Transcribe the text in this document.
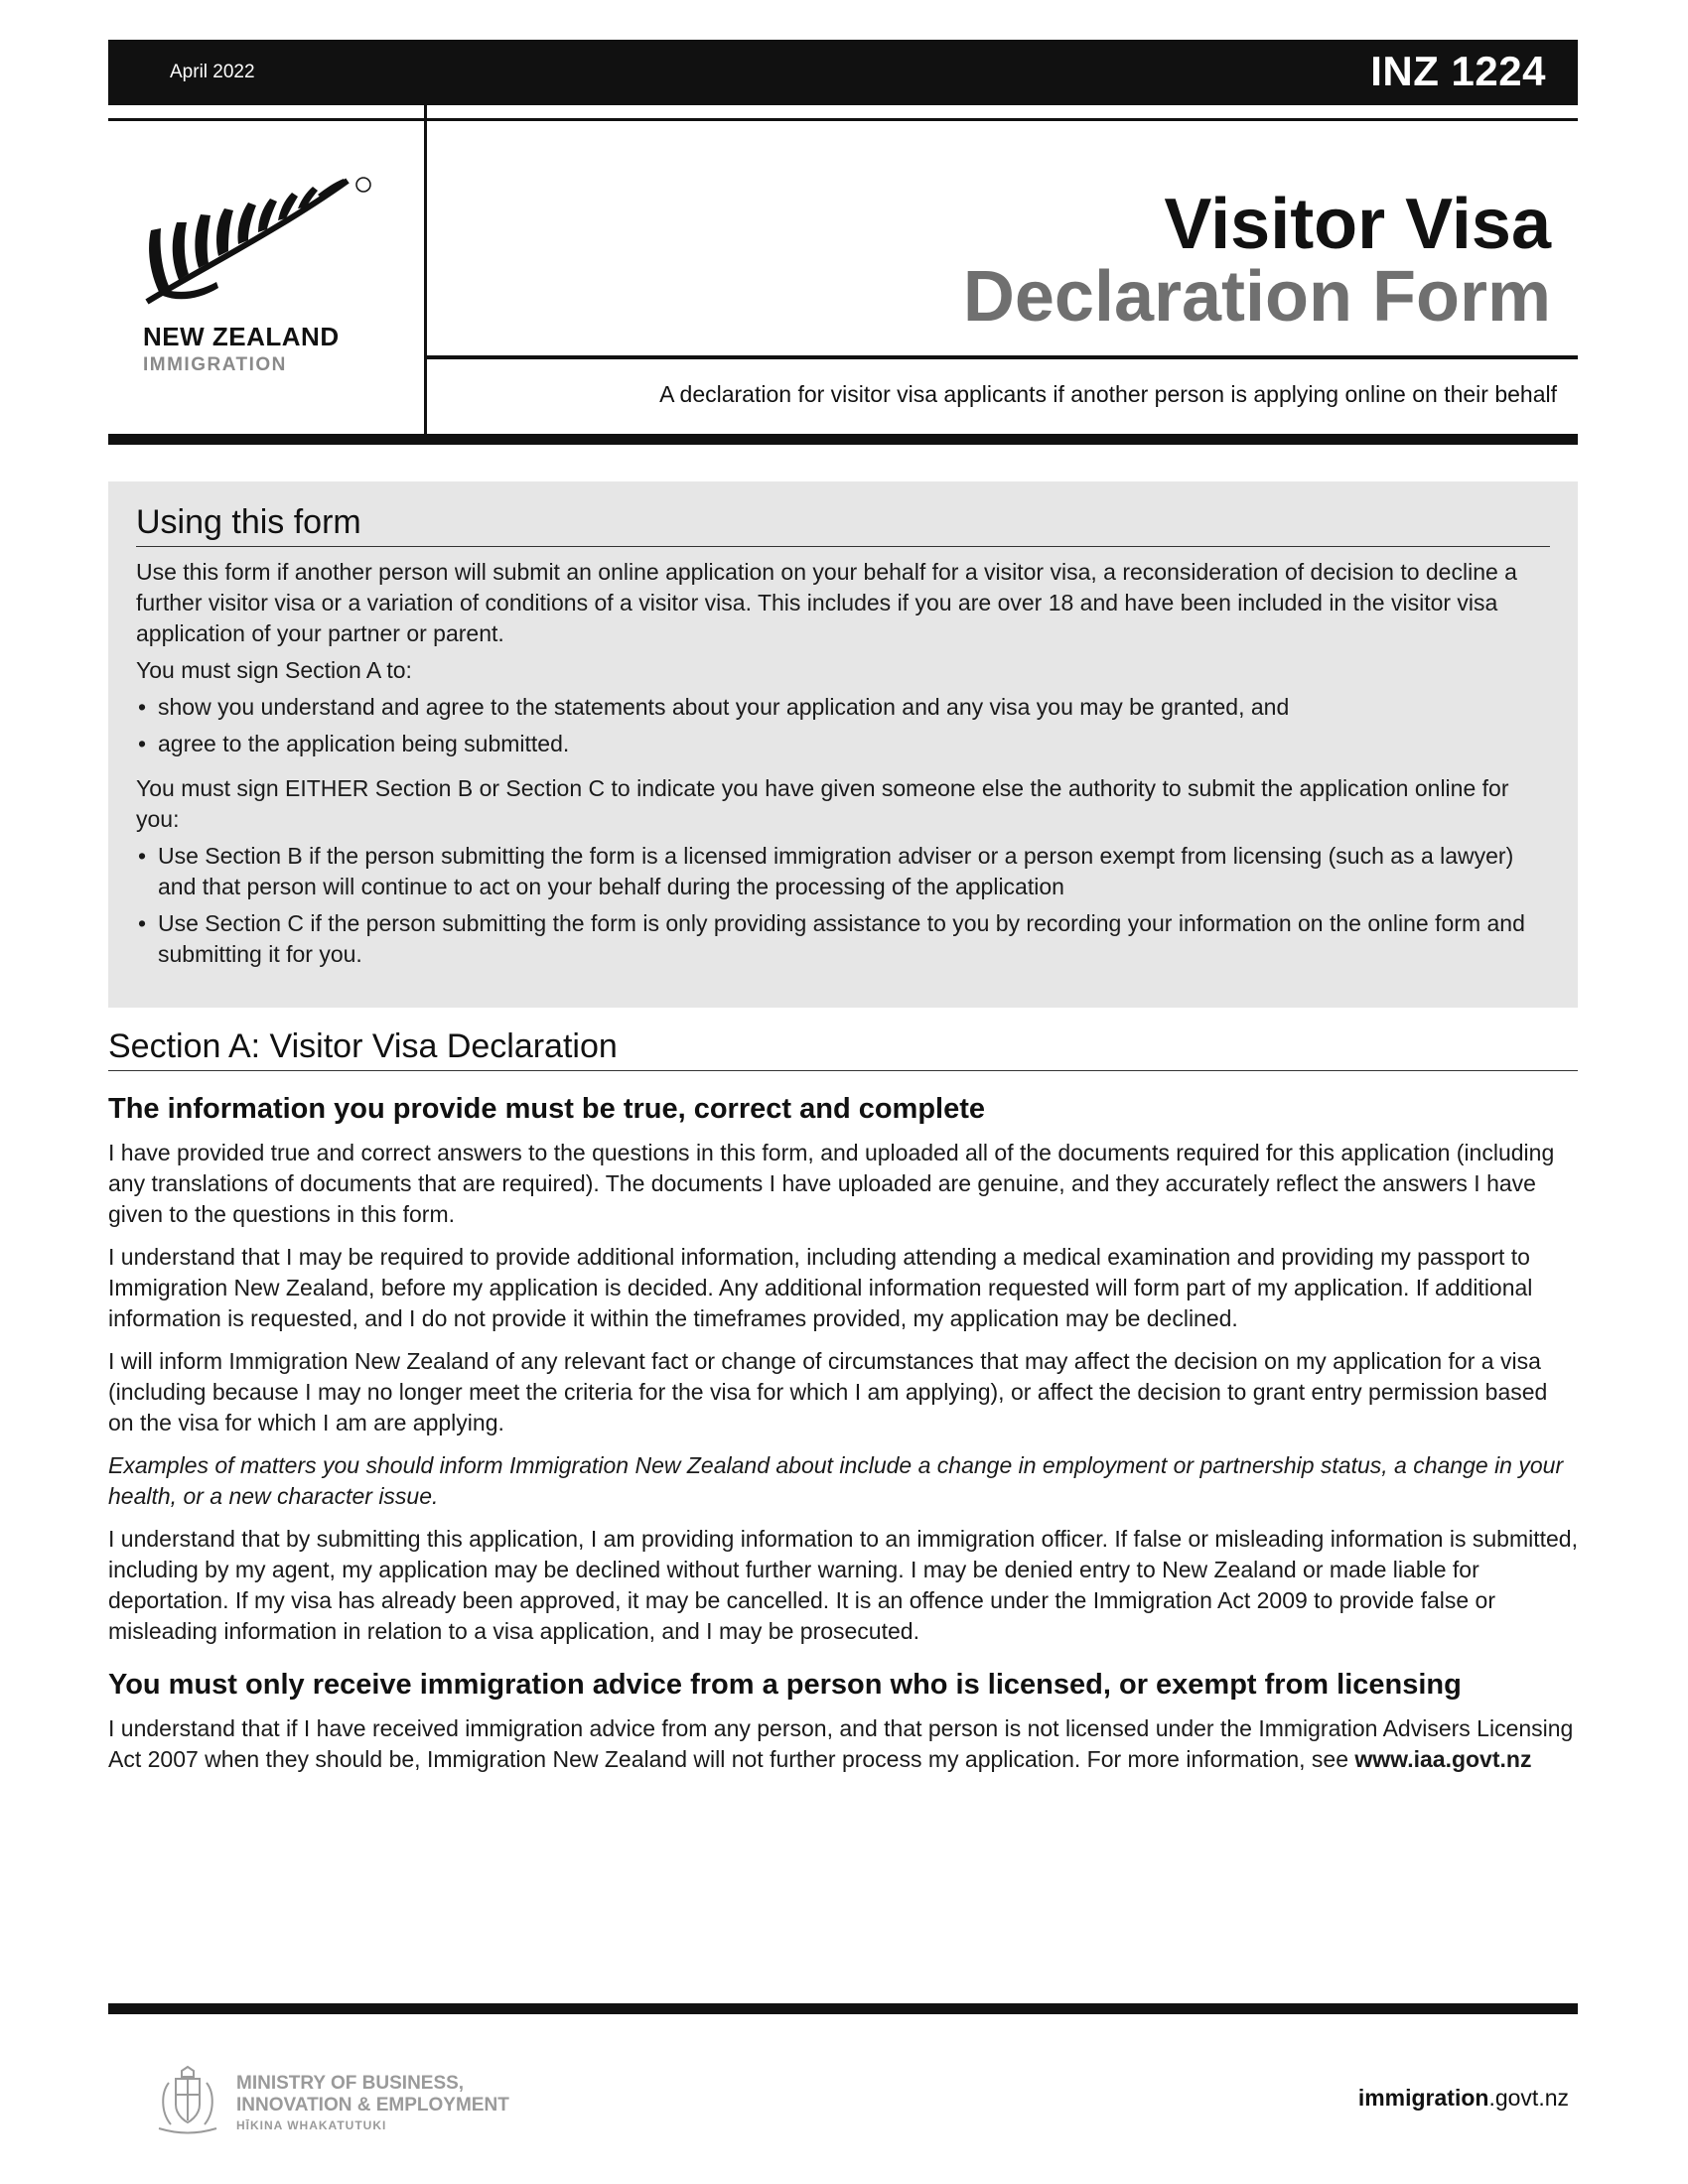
April 2022	INZ 1224
NEW ZEALAND
IMMIGRATION
Visitor Visa
Declaration Form
A declaration for visitor visa applicants if another person is applying online on their behalf
Using this form

Use this form if another person will submit an online application on your behalf for a visitor visa, a reconsideration of decision to decline a further visitor visa or a variation of conditions of a visitor visa. This includes if you are over 18 and have been included in the visitor visa application of your partner or parent.

You must sign Section A to:

• show you understand and agree to the statements about your application and any visa you may be granted, and
• agree to the application being submitted.

You must sign EITHER Section B or Section C to indicate you have given someone else the authority to submit the application online for you:

• Use Section B if the person submitting the form is a licensed immigration adviser or a person exempt from licensing (such as a lawyer) and that person will continue to act on your behalf during the processing of the application
• Use Section C if the person submitting the form is only providing assistance to you by recording your information on the online form and submitting it for you.
Section A: Visitor Visa Declaration
The information you provide must be true, correct and complete

I have provided true and correct answers to the questions in this form, and uploaded all of the documents required for this application (including any translations of documents that are required). The documents I have uploaded are genuine, and they accurately reflect the answers I have given to the questions in this form.

I understand that I may be required to provide additional information, including attending a medical examination and providing my passport to Immigration New Zealand, before my application is decided. Any additional information requested will form part of my application. If additional information is requested, and I do not provide it within the timeframes provided, my application may be declined.

I will inform Immigration New Zealand of any relevant fact or change of circumstances that may affect the decision on my application for a visa (including because I may no longer meet the criteria for the visa for which I am applying), or affect the decision to grant entry permission based on the visa for which I am are applying.

Examples of matters you should inform Immigration New Zealand about include a change in employment or partnership status, a change in your health, or a new character issue.

I understand that by submitting this application, I am providing information to an immigration officer. If false or misleading information is submitted, including by my agent, my application may be declined without further warning. I may be denied entry to New Zealand or made liable for deportation. If my visa has already been approved, it may be cancelled. It is an offence under the Immigration Act 2009 to provide false or misleading information in relation to a visa application, and I may be prosecuted.

You must only receive immigration advice from a person who is licensed, or exempt from licensing

I understand that if I have received immigration advice from any person, and that person is not licensed under the Immigration Advisers Licensing Act 2007 when they should be, Immigration New Zealand will not further process my application. For more information, see www.iaa.govt.nz

MINISTRY OF BUSINESS,
INNOVATION & EMPLOYMENT
HĪKINA WHAKATUTUKI
immigration.govt.nz
